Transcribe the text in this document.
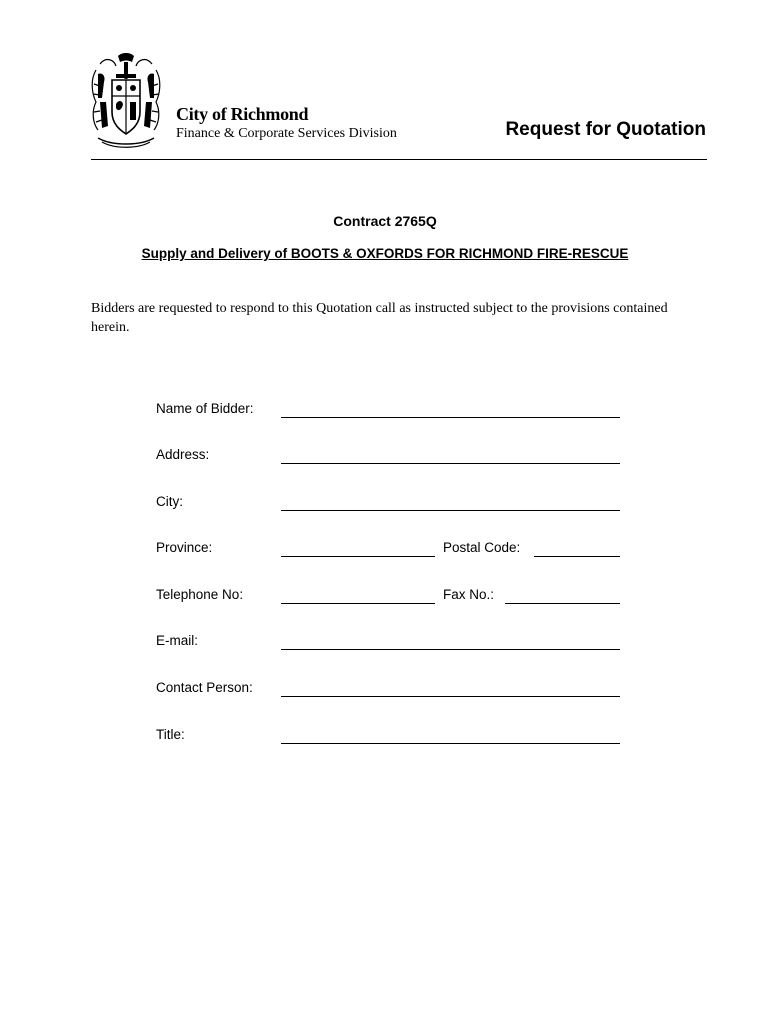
City of Richmond
Finance & Corporate Services Division	Request for Quotation
Contract 2765Q
Supply and Delivery of BOOTS & OXFORDS FOR RICHMOND FIRE-RESCUE
Bidders are requested to respond to this Quotation call as instructed subject to the provisions contained herein.
Name of Bidder:
Address:
City:
Province:	Postal Code:
Telephone No:	Fax No.:
E-mail:
Contact Person:
Title:
